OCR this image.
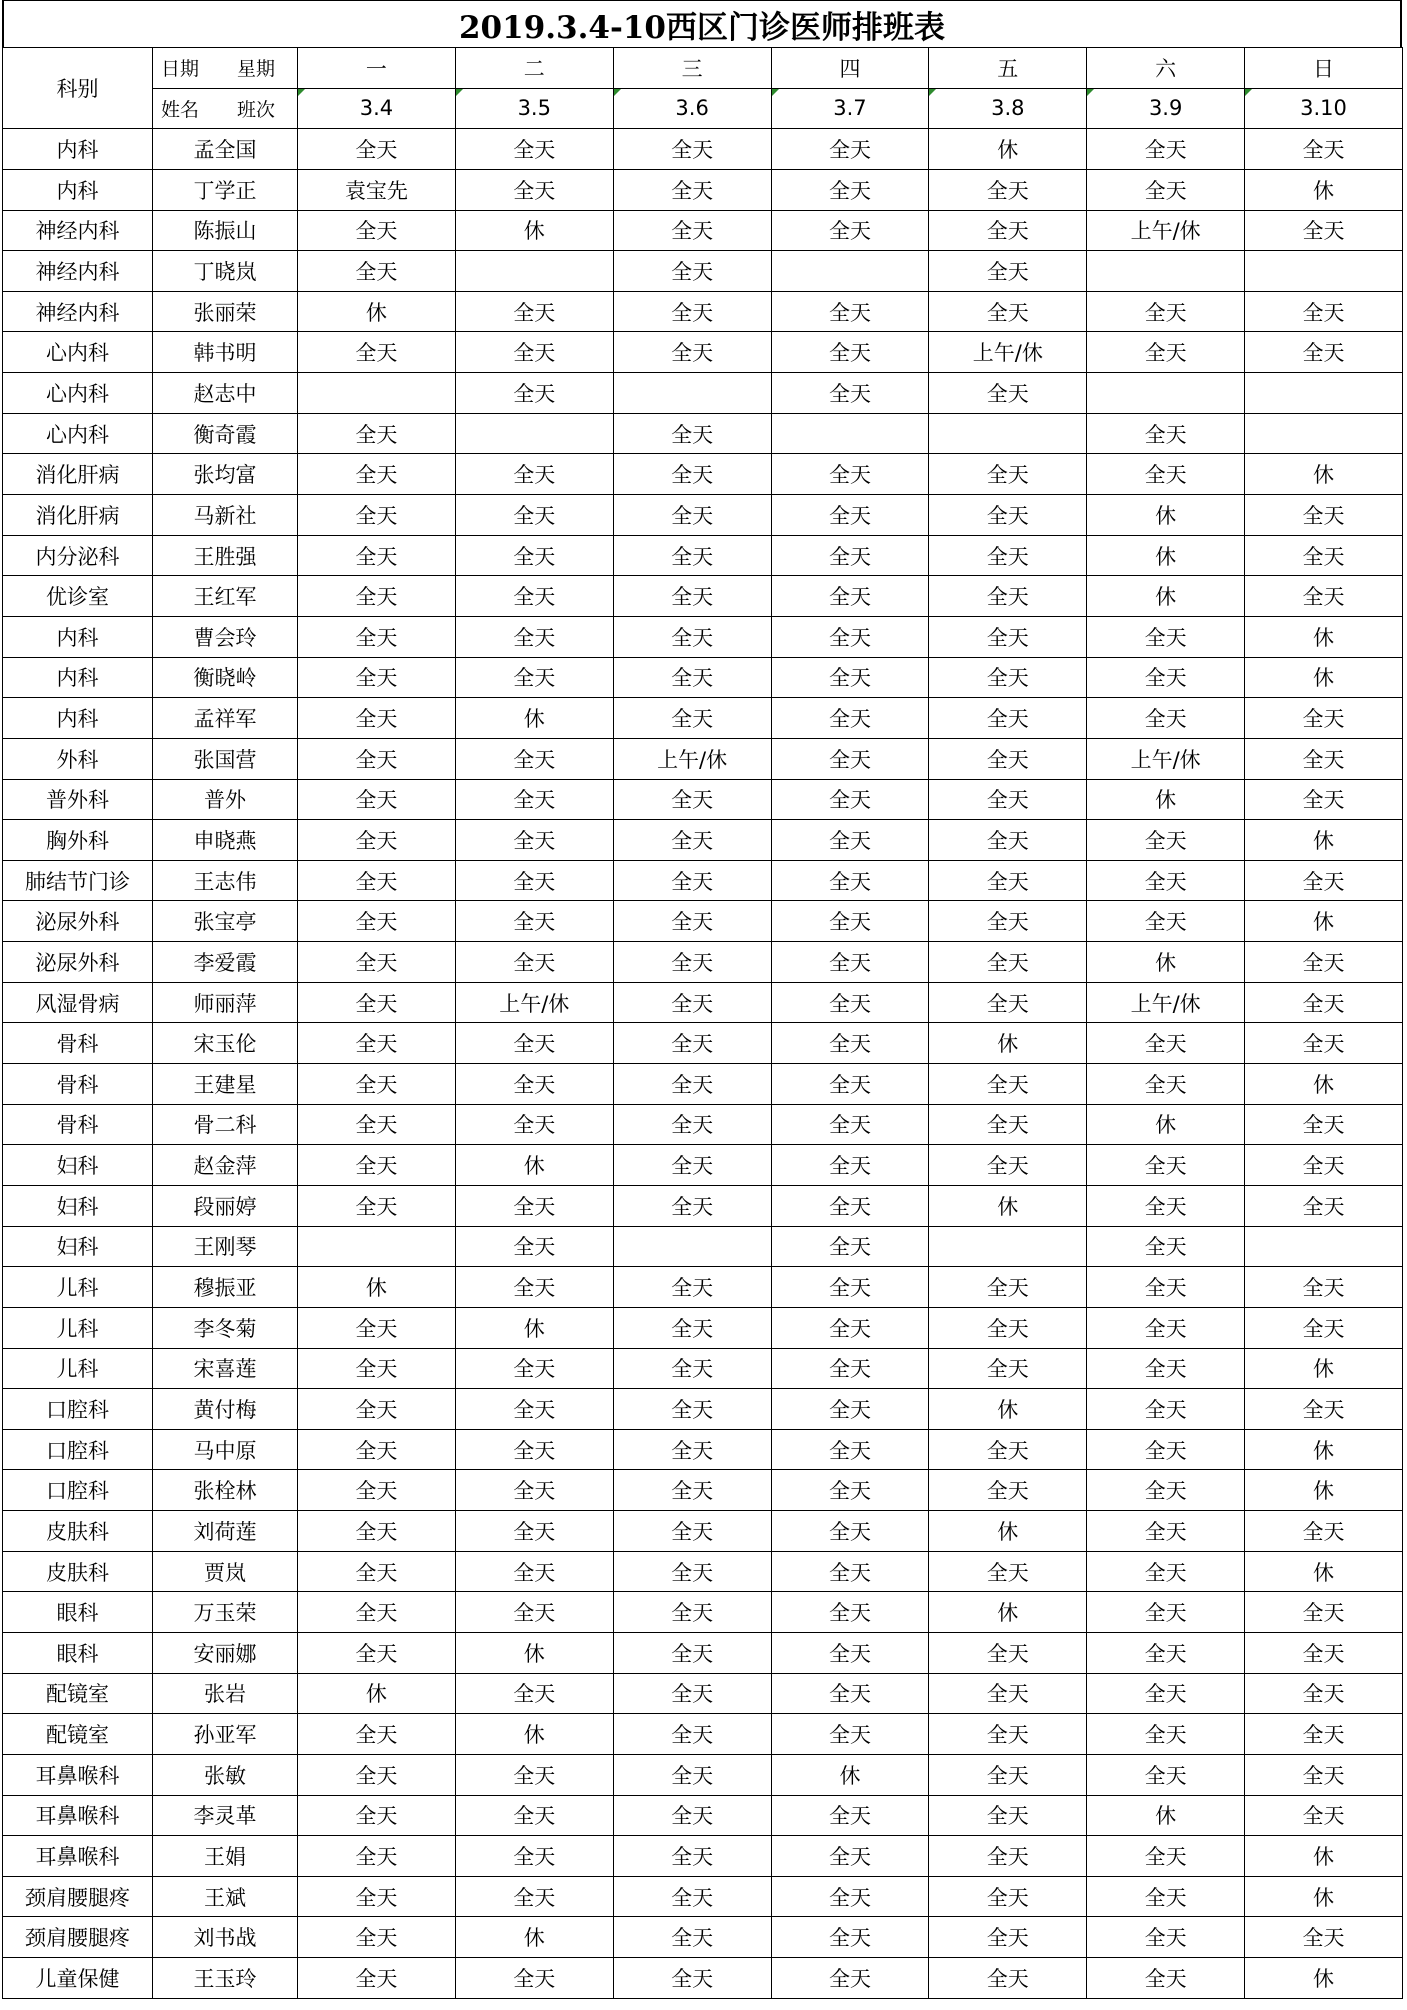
2019.3.4-10西区门诊医师排班表
科别	日期 星期	一	二	三	四	五	六	日
	姓名 班次	3.4	3.5	3.6	3.7	3.8	3.9	3.10
内科	孟全国	全天	全天	全天	全天	休	全天	全天
内科	丁学正	袁宝先	全天	全天	全天	全天	全天	休
神经内科	陈振山	全天	休	全天	全天	全天	上午/休	全天
神经内科	丁晓岚	全天		全天		全天		
神经内科	张丽荣	休	全天	全天	全天	全天	全天	全天
心内科	韩书明	全天	全天	全天	全天	上午/休	全天	全天
心内科	赵志中		全天		全天	全天		
心内科	衡奇霞	全天		全天			全天	
消化肝病	张均富	全天	全天	全天	全天	全天	全天	休
消化肝病	马新社	全天	全天	全天	全天	全天	休	全天
内分泌科	王胜强	全天	全天	全天	全天	全天	休	全天
优诊室	王红军	全天	全天	全天	全天	全天	休	全天
内科	曹会玲	全天	全天	全天	全天	全天	全天	休
内科	衡晓岭	全天	全天	全天	全天	全天	全天	休
内科	孟祥军	全天	休	全天	全天	全天	全天	全天
外科	张国营	全天	全天	上午/休	全天	全天	上午/休	全天
普外科	普外	全天	全天	全天	全天	全天	休	全天
胸外科	申晓燕	全天	全天	全天	全天	全天	全天	休
肺结节门诊	王志伟	全天	全天	全天	全天	全天	全天	全天
泌尿外科	张宝亭	全天	全天	全天	全天	全天	全天	休
泌尿外科	李爱霞	全天	全天	全天	全天	全天	休	全天
风湿骨病	师丽萍	全天	上午/休	全天	全天	全天	上午/休	全天
骨科	宋玉伦	全天	全天	全天	全天	休	全天	全天
骨科	王建星	全天	全天	全天	全天	全天	全天	休
骨科	骨二科	全天	全天	全天	全天	全天	休	全天
妇科	赵金萍	全天	休	全天	全天	全天	全天	全天
妇科	段丽婷	全天	全天	全天	全天	休	全天	全天
妇科	王刚琴		全天		全天		全天	
儿科	穆振亚	休	全天	全天	全天	全天	全天	全天
儿科	李冬菊	全天	休	全天	全天	全天	全天	全天
儿科	宋喜莲	全天	全天	全天	全天	全天	全天	休
口腔科	黄付梅	全天	全天	全天	全天	休	全天	全天
口腔科	马中原	全天	全天	全天	全天	全天	全天	休
口腔科	张栓林	全天	全天	全天	全天	全天	全天	休
皮肤科	刘荷莲	全天	全天	全天	全天	休	全天	全天
皮肤科	贾岚	全天	全天	全天	全天	全天	全天	休
眼科	万玉荣	全天	全天	全天	全天	休	全天	全天
眼科	安丽娜	全天	休	全天	全天	全天	全天	全天
配镜室	张岩	休	全天	全天	全天	全天	全天	全天
配镜室	孙亚军	全天	休	全天	全天	全天	全天	全天
耳鼻喉科	张敏	全天	全天	全天	休	全天	全天	全天
耳鼻喉科	李灵革	全天	全天	全天	全天	全天	休	全天
耳鼻喉科	王娟	全天	全天	全天	全天	全天	全天	休
颈肩腰腿疼	王斌	全天	全天	全天	全天	全天	全天	休
颈肩腰腿疼	刘书战	全天	休	全天	全天	全天	全天	全天
儿童保健	王玉玲	全天	全天	全天	全天	全天	全天	休
